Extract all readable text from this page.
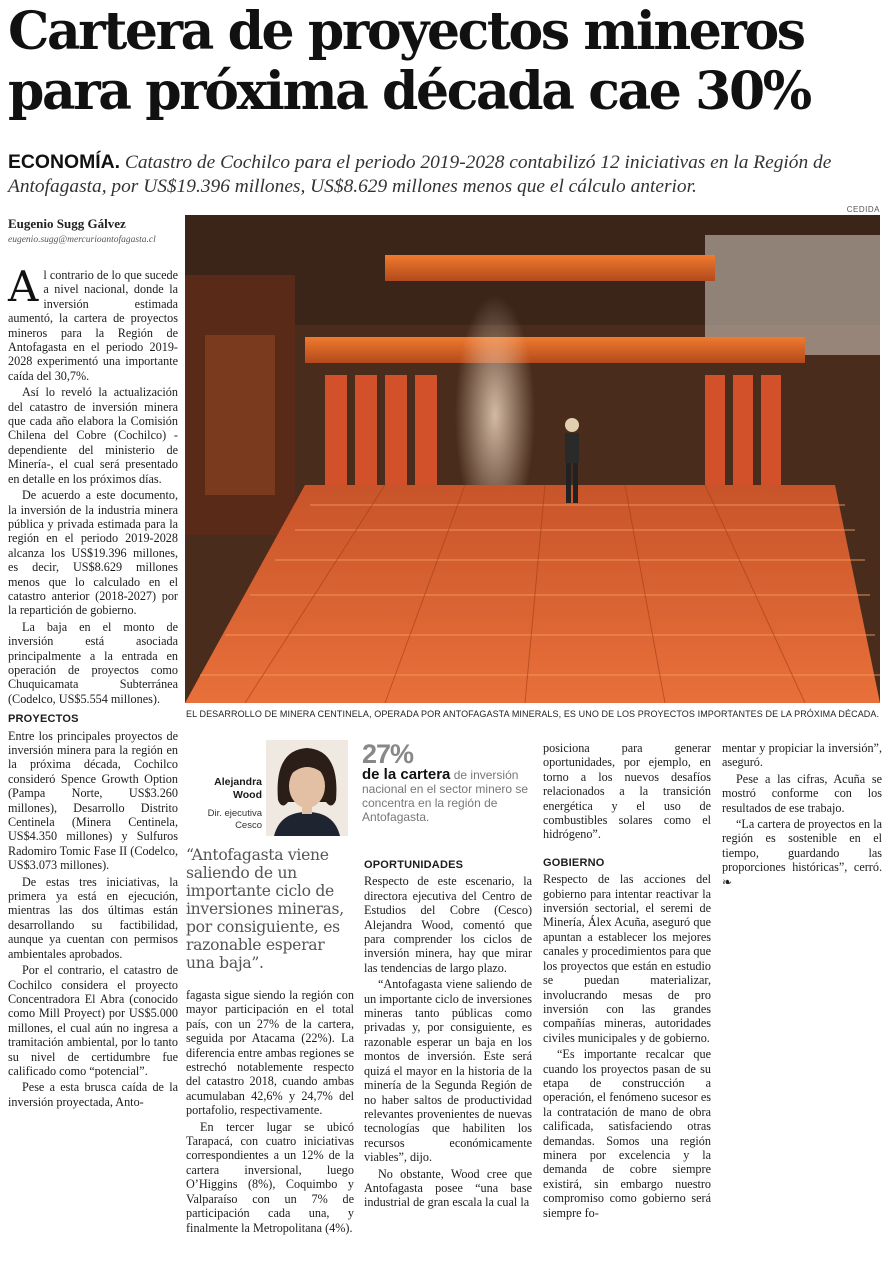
Cartera de proyectos mineros para próxima década cae 30%
ECONOMÍA. Catastro de Cochilco para el periodo 2019-2028 contabilizó 12 iniciativas en la Región de Antofagasta, por US$19.396 millones, US$8.629 millones menos que el cálculo anterior.
Eugenio Sugg Gálvez
eugenio.sugg@mercurioantofagasta.cl

Al contrario de lo que sucede a nivel nacional, donde la inversión estimada aumentó, la cartera de proyectos mineros para la Región de Antofagasta en el periodo 2019-2028 experimentó una importante caída del 30,7%.

Así lo reveló la actualización del catastro de inversión minera que cada año elabora la Comisión Chilena del Cobre (Cochilco) -dependiente del ministerio de Minería-, el cual será presentado en detalle en los próximos días.

De acuerdo a este documento, la inversión de la industria minera pública y privada estimada para la región en el periodo 2019-2028 alcanza los US$19.396 millones, es decir, US$8.629 millones menos que lo calculado en el catastro anterior (2018-2027) por la repartición de gobierno.

La baja en el monto de inversión está asociada principalmente a la entrada en operación de proyectos como Chuquicamata Subterránea (Codelco, US$5.554 millones).

PROYECTOS

Entre los principales proyectos de inversión minera para la región en la próxima década, Cochilco consideró Spence Growth Option (Pampa Norte, US$3.260 millones), Desarrollo Distrito Centinela (Minera Centinela, US$4.350 millones) y Sulfuros Radomiro Tomic Fase II (Codelco, US$3.073 millones).

De estas tres iniciativas, la primera ya está en ejecución, mientras las dos últimas están desarrollando su factibilidad, aunque ya cuentan con permisos ambientales aprobados.

Por el contrario, el catastro de Cochilco considera el proyecto Concentradora El Abra (conocido como Mill Proyect) por US$5.000 millones, el cual aún no ingresa a tramitación ambiental, por lo tanto su nivel de certidumbre fue calificado como “potencial”.

Pese a esta brusca caída de la inversión proyectada, Anto-

CEDIDA
EL DESARROLLO DE MINERA CENTINELA, OPERADA POR ANTOFAGASTA MINERALS, ES UNO DE LOS PROYECTOS IMPORTANTES DE LA PRÓXIMA DÉCADA.
Alejandra Wood
Dir. ejecutiva Cesco
“Antofagasta viene saliendo de un importante ciclo de inversiones mineras, por consiguiente, es razonable esperar una baja”.
27%
de la cartera de inversión nacional en el sector minero se concentra en la región de Antofagasta.

fagasta sigue siendo la región con mayor participación en el total país, con un 27% de la cartera, seguida por Atacama (22%). La diferencia entre ambas regiones se estrechó notablemente respecto del catastro 2018, cuando ambas acumulaban 42,6% y 24,7% del portafolio, respectivamente.

En tercer lugar se ubicó Tarapacá, con cuatro iniciativas correspondientes a un 12% de la cartera inversional, luego O’Higgins (8%), Coquimbo y Valparaíso con un 7% de participación cada una, y finalmente la Metropolitana (4%).

OPORTUNIDADES

Respecto de este escenario, la directora ejecutiva del Centro de Estudios del Cobre (Cesco) Alejandra Wood, comentó que para comprender los ciclos de inversión minera, hay que mirar las tendencias de largo plazo.

“Antofagasta viene saliendo de un importante ciclo de inversiones mineras tanto públicas como privadas y, por consiguiente, es razonable esperar un baja en los montos de inversión. Este será quizá el mayor en la historia de la minería de la Segunda Región de no haber saltos de productividad relevantes provenientes de nuevas tecnologías que habiliten los recursos económicamente viables”, dijo.

No obstante, Wood cree que Antofagasta posee “una base industrial de gran escala la cual la

posiciona para generar oportunidades, por ejemplo, en torno a los nuevos desafíos relacionados a la transición energética y el uso de combustibles solares como el hidrógeno”.

GOBIERNO

Respecto de las acciones del gobierno para intentar reactivar la inversión sectorial, el seremi de Minería, Álex Acuña, aseguró que apuntan a establecer los mejores canales y procedimientos para que los proyectos que están en estudio se puedan materializar, involucrando mesas de pro inversión con las grandes compañías mineras, autoridades civiles municipales y de gobierno.

“Es importante recalcar que cuando los proyectos pasan de su etapa de construcción a operación, el fenómeno sucesor es la contratación de mano de obra calificada, satisfaciendo otras demandas. Somos una región minera por excelencia y la demanda de cobre siempre existirá, sin embargo nuestro compromiso como gobierno será siempre fo-

mentar y propiciar la inversión”, aseguró.

Pese a las cifras, Acuña se mostró conforme con los resultados de ese trabajo.

“La cartera de proyectos en la región es sostenible en el tiempo, guardando las proporciones históricas”, cerró. ❧
